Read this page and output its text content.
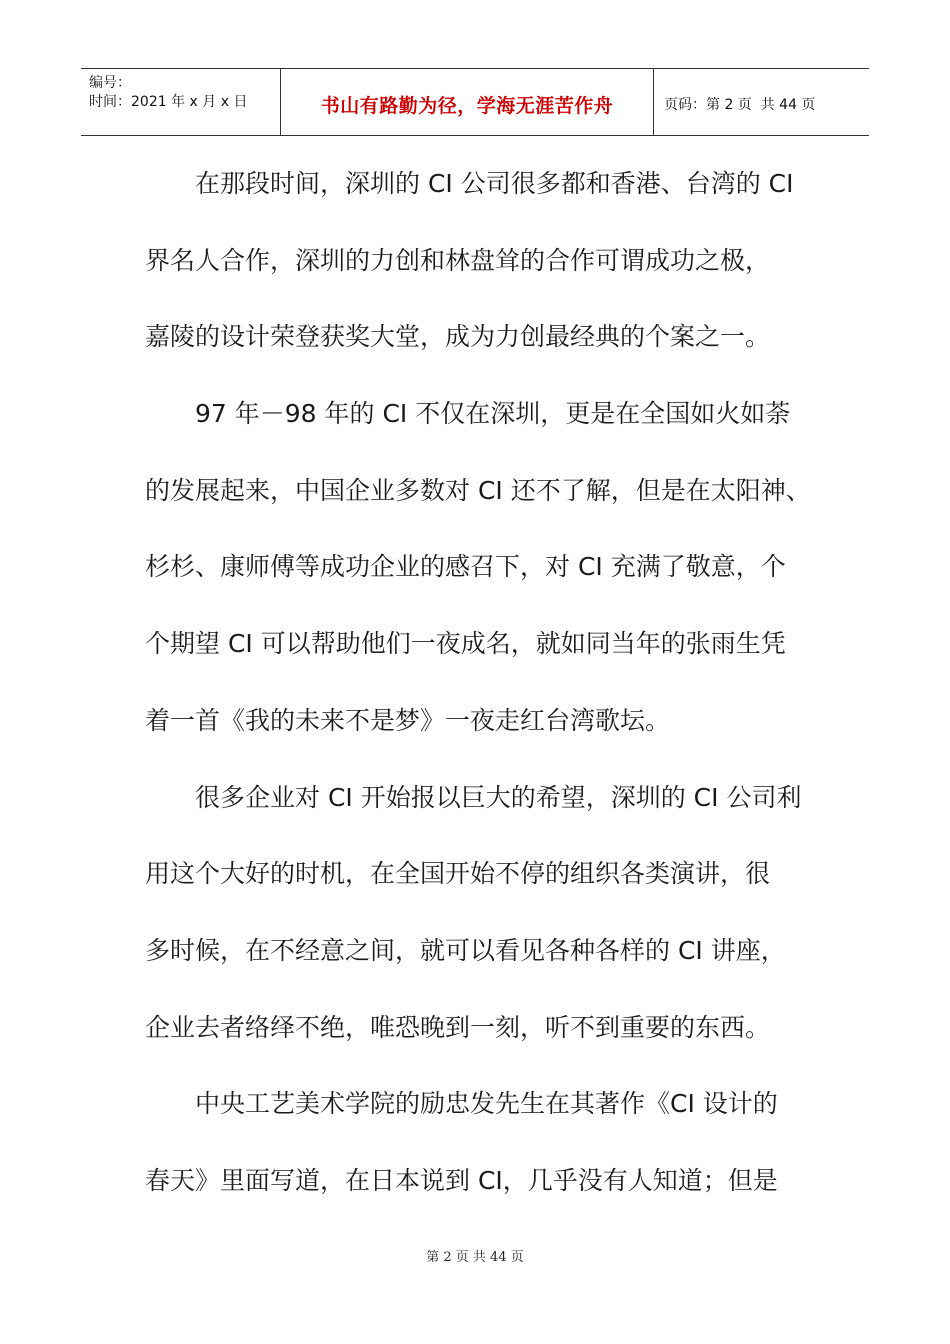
编号：
时间：2021 年 x 月 x 日	书山有路勤为径，学海无涯苦作舟	页码：第 2 页  共 44 页
在那段时间，深圳的 CI 公司很多都和香港、台湾的 CI
界名人合作，深圳的力创和林盘耸的合作可谓成功之极，
嘉陵的设计荣登获奖大堂，成为力创最经典的个案之一。
97 年－98 年的 CI 不仅在深圳，更是在全国如火如荼
的发展起来，中国企业多数对 CI 还不了解，但是在太阳神、
杉杉、康师傅等成功企业的感召下，对 CI 充满了敬意，个
个期望 CI 可以帮助他们一夜成名，就如同当年的张雨生凭
着一首《我的未来不是梦》一夜走红台湾歌坛。
很多企业对 CI 开始报以巨大的希望，深圳的 CI 公司利
用这个大好的时机，在全国开始不停的组织各类演讲，很
多时候，在不经意之间，就可以看见各种各样的 CI 讲座，
企业去者络绎不绝，唯恐晚到一刻，听不到重要的东西。
中央工艺美术学院的励忠发先生在其著作《CI 设计的
春天》里面写道，在日本说到 CI，几乎没有人知道；但是
第 2 页 共 44 页
